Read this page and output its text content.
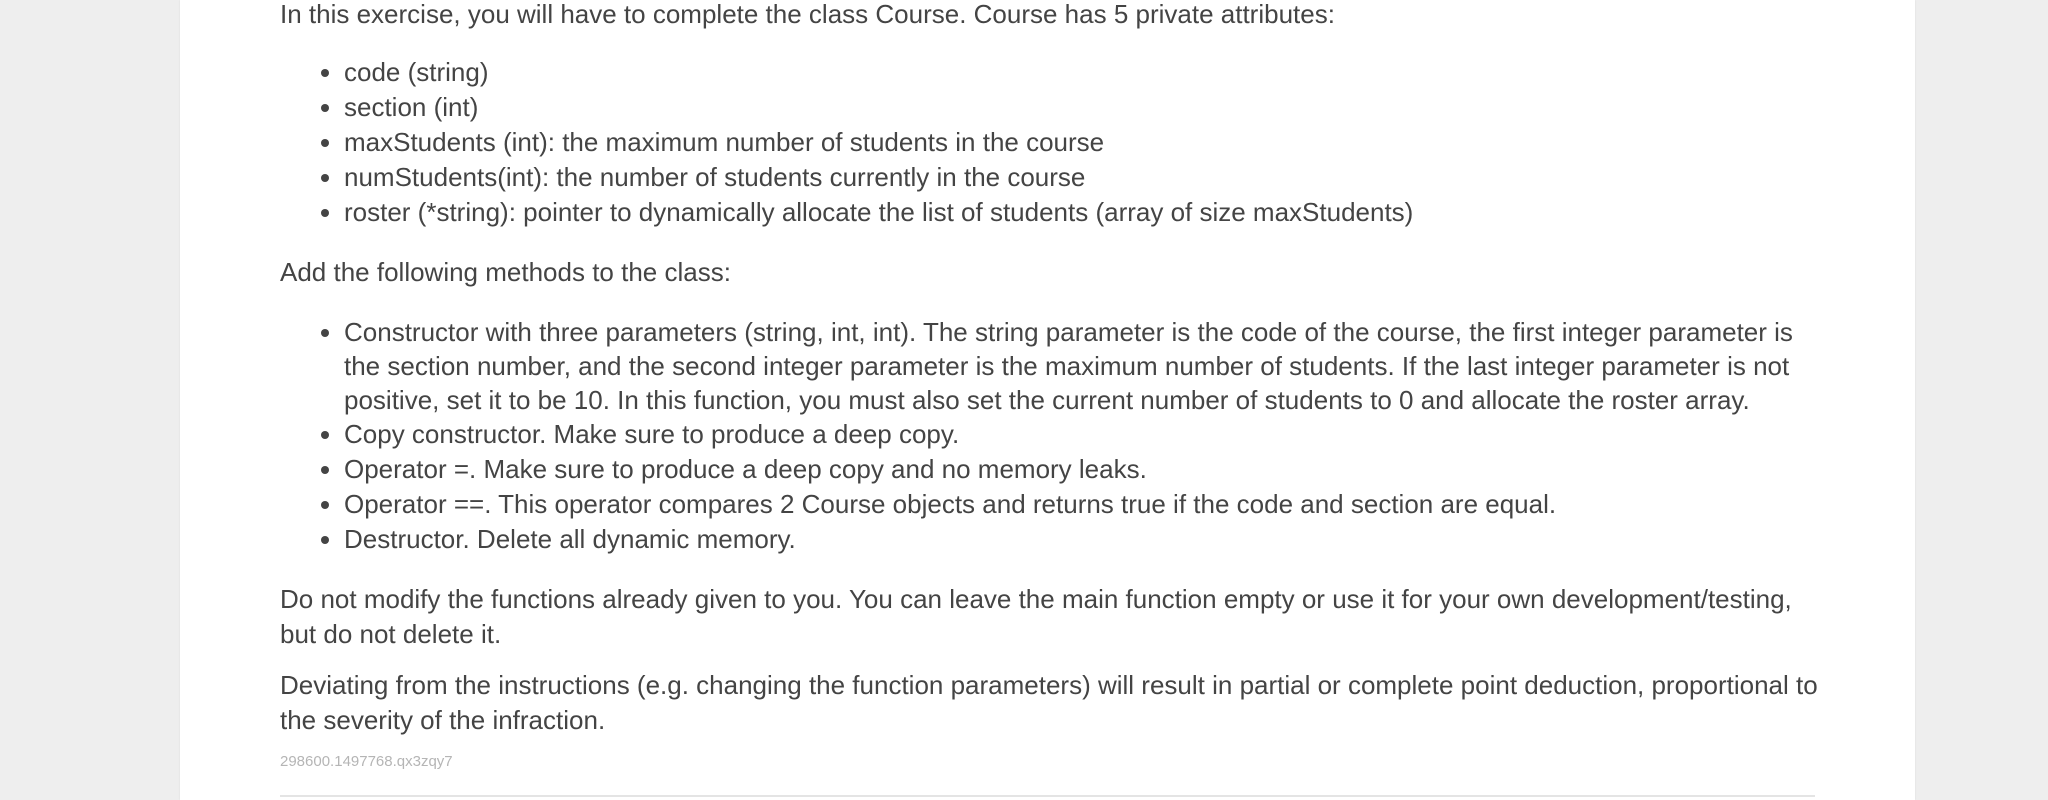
In this exercise, you will have to complete the class Course. Course has 5 private attributes:

• code (string)
• section (int)
• maxStudents (int): the maximum number of students in the course
• numStudents(int): the number of students currently in the course
• roster (*string): pointer to dynamically allocate the list of students (array of size maxStudents)

Add the following methods to the class:

• Constructor with three parameters (string, int, int). The string parameter is the code of the course, the first integer parameter is the section number, and the second integer parameter is the maximum number of students. If the last integer parameter is not positive, set it to be 10. In this function, you must also set the current number of students to 0 and allocate the roster array.
• Copy constructor. Make sure to produce a deep copy.
• Operator =. Make sure to produce a deep copy and no memory leaks.
• Operator ==. This operator compares 2 Course objects and returns true if the code and section are equal.
• Destructor. Delete all dynamic memory.

Do not modify the functions already given to you. You can leave the main function empty or use it for your own development/testing, but do not delete it.

Deviating from the instructions (e.g. changing the function parameters) will result in partial or complete point deduction, proportional to the severity of the infraction.

298600.1497768.qx3zqy7
